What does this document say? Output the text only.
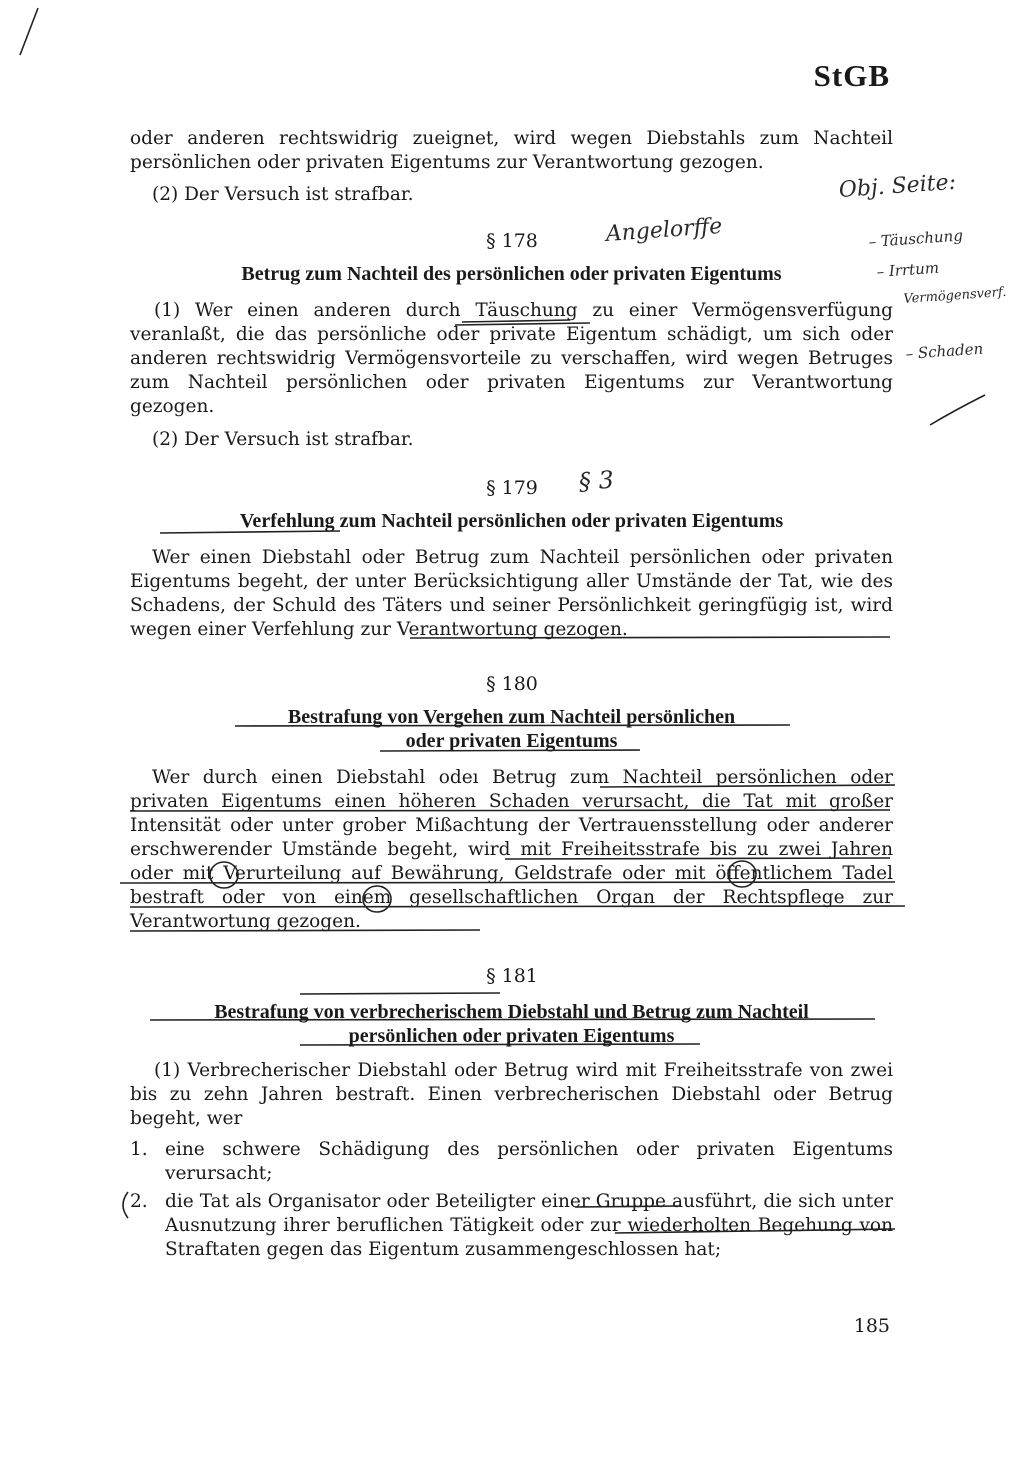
StGB
oder anderen rechtswidrig zueignet, wird wegen Diebstahls zum Nachteil persönlichen oder privaten Eigentums zur Verantwortung gezogen.
(2) Der Versuch ist strafbar.
§ 178
Betrug zum Nachteil des persönlichen oder privaten Eigentums
(1) Wer einen anderen durch Täuschung zu einer Vermögensverfügung veranlaßt, die das persönliche oder private Eigentum schädigt, um sich oder anderen rechtswidrig Vermögensvorteile zu verschaffen, wird wegen Betruges zum Nachteil persönlichen oder privaten Eigentums zur Verantwortung gezogen.
(2) Der Versuch ist strafbar.
§ 179
Verfehlung zum Nachteil persönlichen oder privaten Eigentums
Wer einen Diebstahl oder Betrug zum Nachteil persönlichen oder privaten Eigentums begeht, der unter Berücksichtigung aller Umstände der Tat, wie des Schadens, der Schuld des Täters und seiner Persönlichkeit geringfügig ist, wird wegen einer Verfehlung zur Verantwortung gezogen.
§ 180
Bestrafung von Vergehen zum Nachteil persönlichen
oder privaten Eigentums
Wer durch einen Diebstahl odeı Betrug zum Nachteil persönlichen oder privaten Eigentums einen höheren Schaden verursacht, die Tat mit großer Intensität oder unter grober Mißachtung der Vertrauensstellung oder anderer erschwerender Umstände begeht, wird mit Freiheitsstrafe bis zu zwei Jahren oder mit Verurteilung auf Bewährung, Geldstrafe oder mit öffentlichem Tadel bestraft oder von einem gesellschaftlichen Organ der Rechtspflege zur Verantwortung gezogen.
§ 181
Bestrafung von verbrecherischem Diebstahl und Betrug zum Nachteil
persönlichen oder privaten Eigentums
(1) Verbrecherischer Diebstahl oder Betrug wird mit Freiheitsstrafe von zwei bis zu zehn Jahren bestraft. Einen verbrecherischen Diebstahl oder Betrug begeht, wer
1. eine schwere Schädigung des persönlichen oder privaten Eigentums verursacht;
2. die Tat als Organisator oder Beteiligter einer Gruppe ausführt, die sich unter Ausnutzung ihrer beruflichen Tätigkeit oder zur wiederholten Begehung von Straftaten gegen das Eigentum zusammengeschlossen hat;
185
Angelorffe
§ 3
Obj. Seite:
– Täuschung
– Irrtum
Vermögensverf.
– Schaden
